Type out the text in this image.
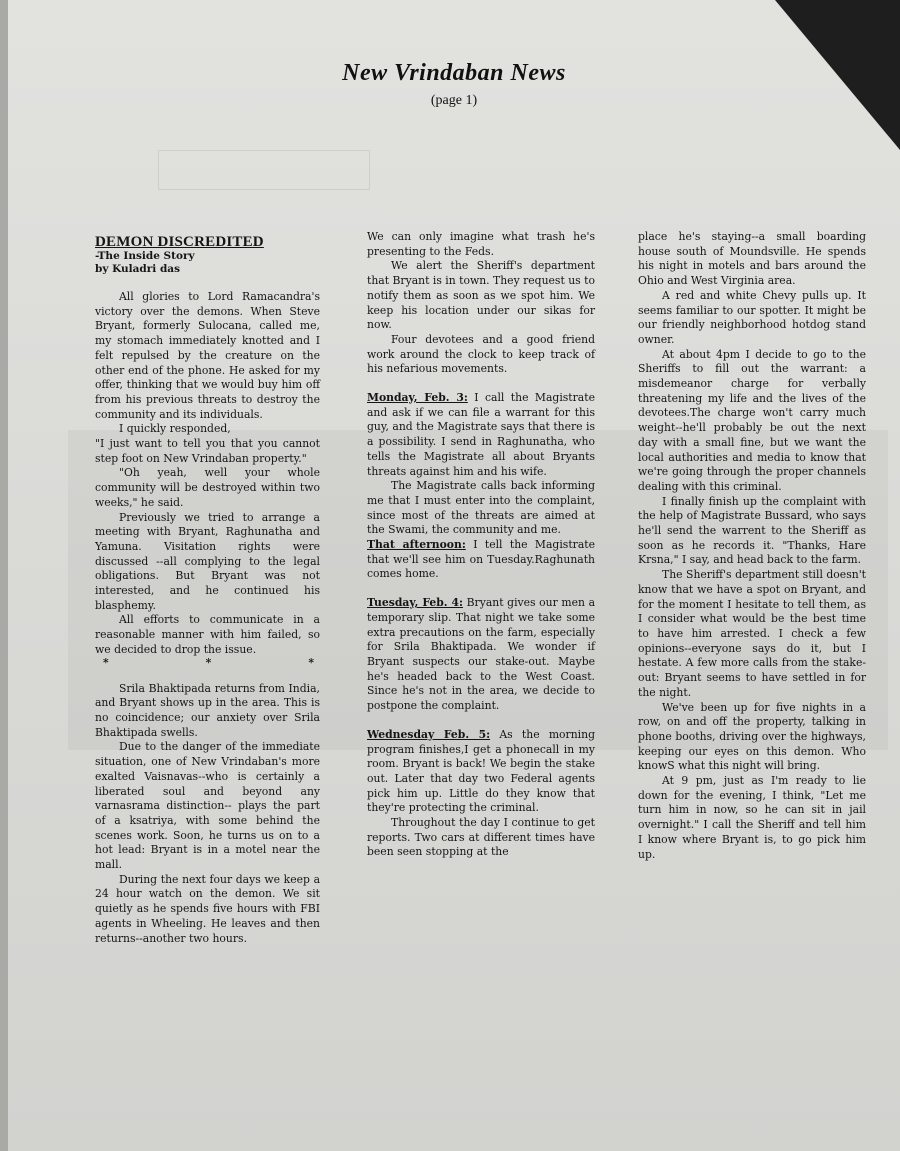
New Vrindaban News
(page 1)
DEMON DISCREDITED
-The Inside Story
by Kuladri das

All glories to Lord Ramacandra's victory over the demons. When Steve Bryant, formerly Sulocana, called me, my stomach immediately knotted and I felt repulsed by the creature on the other end of the phone. He asked for my offer, thinking that we would buy him off from his previous threats to destroy the community and its individuals.

I quickly responded,

"I just want to tell you that you cannot step foot on New Vrindaban property."

"Oh yeah, well your whole community will be destroyed within two weeks," he said.

Previously we tried to arrange a meeting with Bryant, Raghunatha and Yamuna. Visitation rights were discussed --all complying to the legal obligations. But Bryant was not interested, and he continued his blasphemy.

All efforts to communicate in a reasonable manner with him failed, so we decided to drop the issue.

*	*	*

Srila Bhaktipada returns from India, and Bryant shows up in the area. This is no coincidence; our anxiety over Srila Bhaktipada swells.

Due to the danger of the immediate situation, one of New Vrindaban's more exalted Vaisnavas--who is certainly a liberated soul and beyond any varnasrama distinction-- plays the part of a ksatriya, with some behind the scenes work. Soon, he turns us on to a hot lead: Bryant is in a motel near the mall.

During the next four days we keep a 24 hour watch on the demon. We sit quietly as he spends five hours with FBI agents in Wheeling. He leaves and then returns--another two hours.

We can only imagine what trash he's presenting to the Feds.

We alert the Sheriff's department that Bryant is in town. They request us to notify them as soon as we spot him. We keep his location under our sikas for now.

Four devotees and a good friend work around the clock to keep track of his nefarious movements.

Monday, Feb. 3: I call the Magistrate and ask if we can file a warrant for this guy, and the Magistrate says that there is a possibility. I send in Raghunatha, who tells the Magistrate all about Bryants threats against him and his wife.

The Magistrate calls back informing me that I must enter into the complaint, since most of the threats are aimed at the Swami, the community and me.

That afternoon: I tell the Magistrate that we'll see him on Tuesday.Raghunath comes home.

Tuesday, Feb. 4: Bryant gives our men a temporary slip. That night we take some extra precautions on the farm, especially for Srila Bhaktipada. We wonder if Bryant suspects our stake-out. Maybe he's headed back to the West Coast. Since he's not in the area, we decide to postpone the complaint.

Wednesday Feb. 5: As the morning program finishes,I get a phonecall in my room. Bryant is back! We begin the stake out. Later that day two Federal agents pick him up. Little do they know that they're protecting the criminal.

Throughout the day I continue to get reports. Two cars at different times have been seen stopping at the

place he's staying--a small boarding house south of Moundsville. He spends his night in motels and bars around the Ohio and West Virginia area.

A red and white Chevy pulls up. It seems familiar to our spotter. It might be our friendly neighborhood hotdog stand owner.

At about 4pm I decide to go to the Sheriffs to fill out the warrant: a misdemeanor charge for verbally threatening my life and the lives of the devotees.The charge won't carry much weight--he'll probably be out the next day with a small fine, but we want the local authorities and media to know that we're going through the proper channels dealing with this criminal.

I finally finish up the complaint with the help of Magistrate Bussard, who says he'll send the warrent to the Sheriff as soon as he records it. "Thanks, Hare Krsna," I say, and head back to the farm.

The Sheriff's department still doesn't know that we have a spot on Bryant, and for the moment I hesitate to tell them, as I consider what would be the best time to have him arrested. I check a few opinions--everyone says do it, but I hestate. A few more calls from the stake-out: Bryant seems to have settled in for the night.

We've been up for five nights in a row, on and off the property, talking in phone booths, driving over the highways, keeping our eyes on this demon. Who knowS what this night will bring.

At 9 pm, just as I'm ready to lie down for the evening, I think, "Let me turn him in now, so he can sit in jail overnight." I call the Sheriff and tell him I know where Bryant is, to go pick him up.
